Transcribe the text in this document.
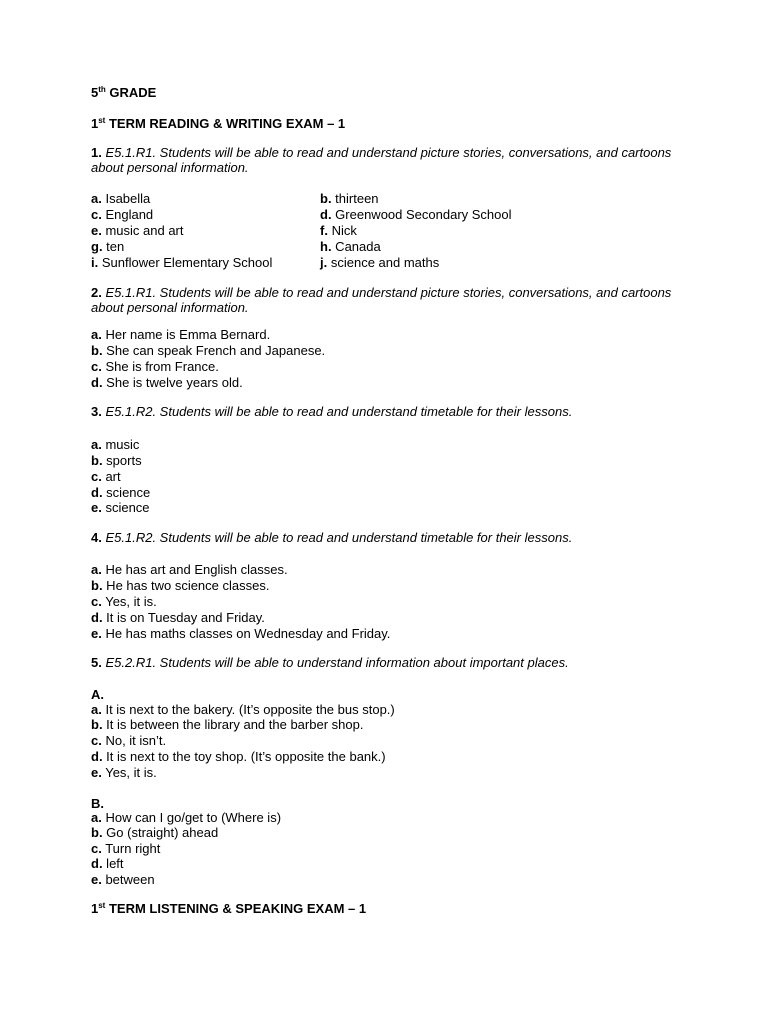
5th GRADE
1st TERM READING & WRITING EXAM – 1
1. E5.1.R1. Students will be able to read and understand picture stories, conversations, and cartoons about personal information.
a. Isabella	b. thirteen
c. England	d. Greenwood Secondary School
e. music and art	f. Nick
g. ten	h. Canada
i. Sunflower Elementary School	j. science and maths
2. E5.1.R1. Students will be able to read and understand picture stories, conversations, and cartoons about personal information.
a. Her name is Emma Bernard.
b. She can speak French and Japanese.
c. She is from France.
d. She is twelve years old.
3. E5.1.R2. Students will be able to read and understand timetable for their lessons.
a. music
b. sports
c. art
d. science
e. science
4. E5.1.R2. Students will be able to read and understand timetable for their lessons.
a. He has art and English classes.
b. He has two science classes.
c. Yes, it is.
d. It is on Tuesday and Friday.
e. He has maths classes on Wednesday and Friday.
5. E5.2.R1. Students will be able to understand information about important places.
A.
a. It is next to the bakery. (It’s opposite the bus stop.)
b. It is between the library and the barber shop.
c. No, it isn’t.
d. It is next to the toy shop. (It’s opposite the bank.)
e. Yes, it is.
B.
a. How can I go/get to (Where is)
b. Go (straight) ahead
c. Turn right
d. left
e. between
1st TERM LISTENING & SPEAKING EXAM – 1
